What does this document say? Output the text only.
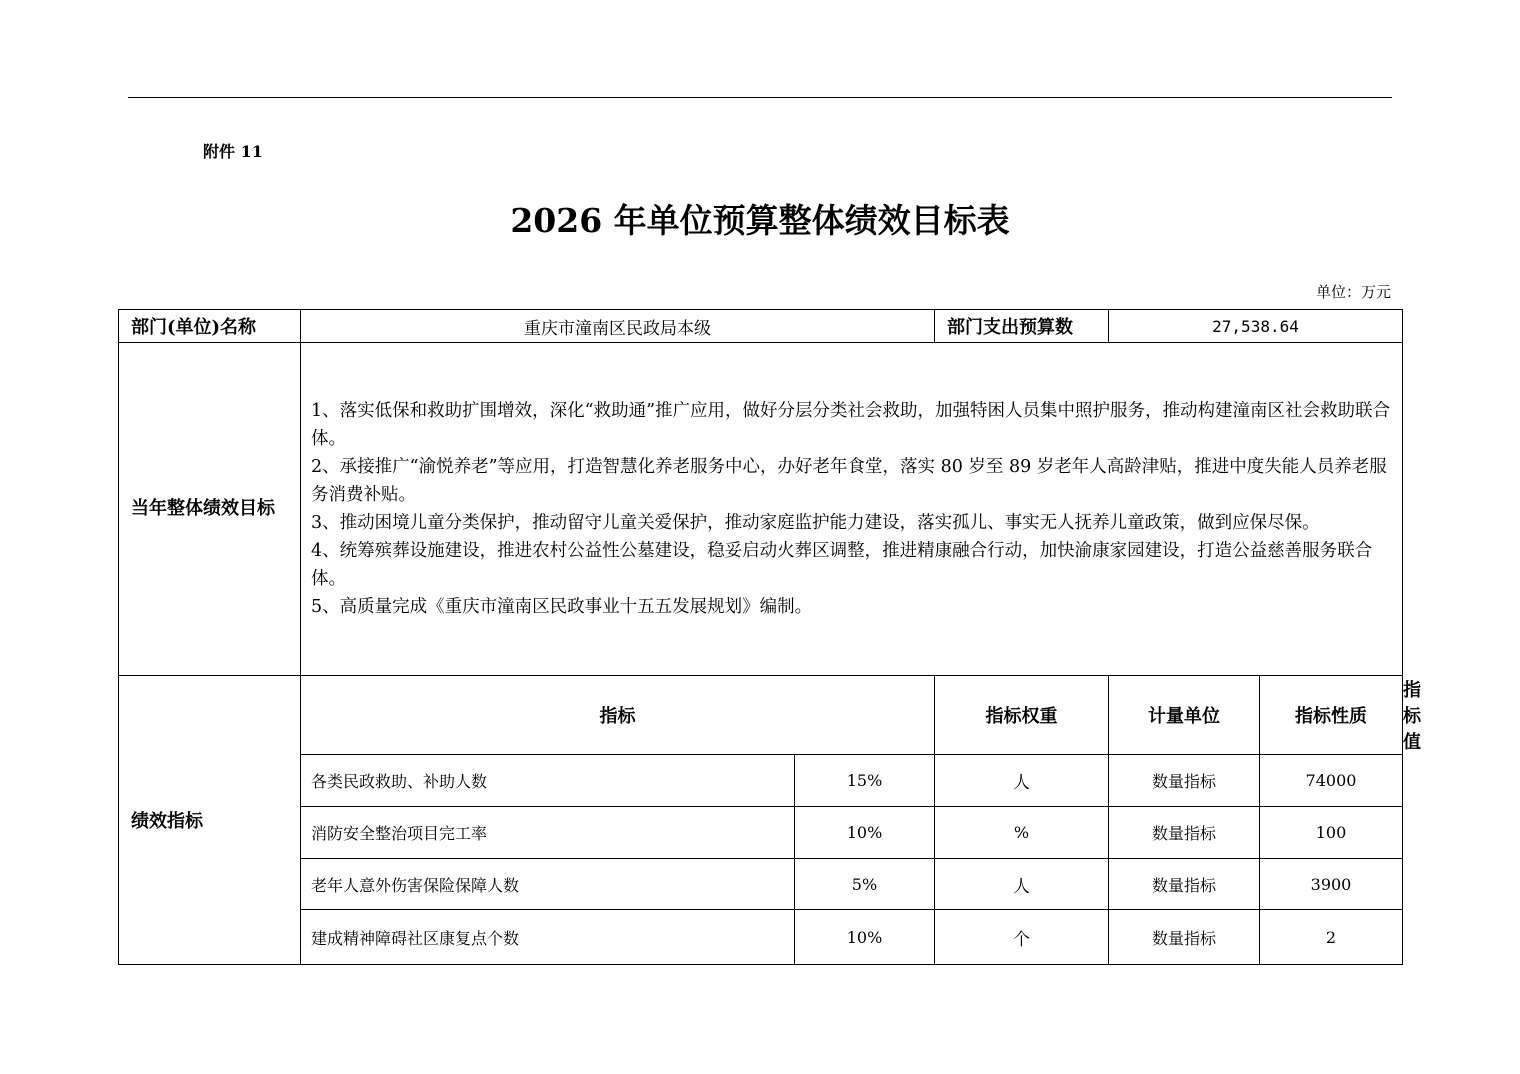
附件 11
2026 年单位预算整体绩效目标表
单位：万元
部门(单位)名称	重庆市潼南区民政局本级		部门支出预算数	27,538.64		
当年整体绩效目标	1、落实低保和救助扩围增效，深化“救助通”推广应用，做好分层分类社会救助，加强特困人员集中照护服务，推动构建潼南区社会救助联合体。

2、承接推广“渝悦养老”等应用，打造智慧化养老服务中心，办好老年食堂，落实 80 岁至 89 岁老年人高龄津贴，推进中度失能人员养老服务消费补贴。

3、推动困境儿童分类保护，推动留守儿童关爱保护，推动家庭监护能力建设，落实孤儿、事实无人抚养儿童政策，做到应保尽保。

4、统筹殡葬设施建设，推进农村公益性公墓建设，稳妥启动火葬区调整，推进精康融合行动，加快渝康家园建设，打造公益慈善服务联合体。

5、高质量完成《重庆市潼南区民政事业十五五发展规划》编制。					

绩效指标	指标		指标权重	计量单位	指标性质	指标值
	各类民政救助、补助人数	15%	人	数量指标	74000	
	消防安全整治项目完工率	10%	%	数量指标	100	
	老年人意外伤害保险保障人数	5%	人	数量指标	3900	
	建成精神障碍社区康复点个数	10%	个	数量指标	2	
